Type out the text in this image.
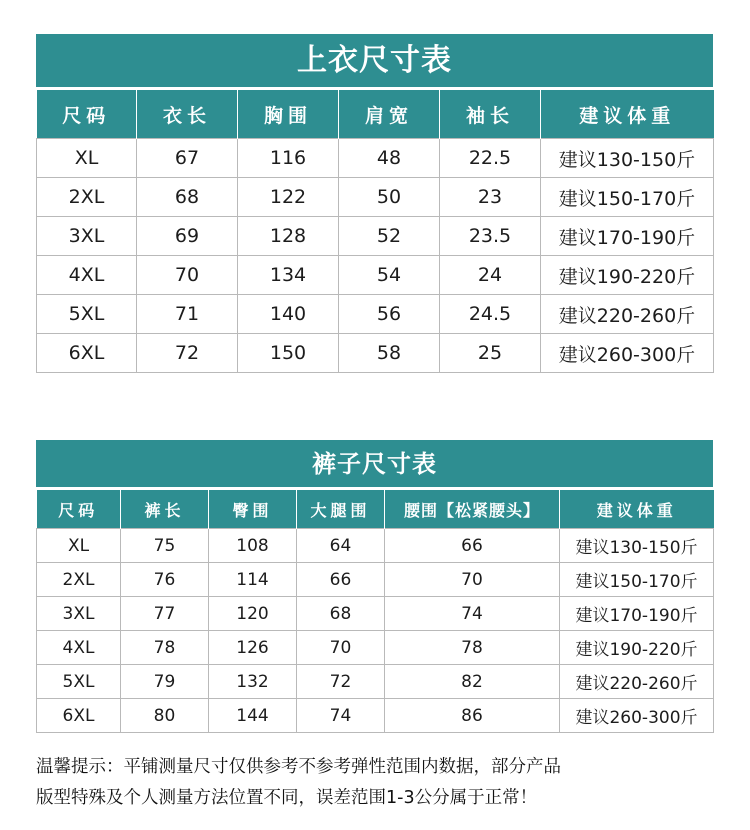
上衣尺寸表
尺码	衣长	胸围	肩宽	袖长	建议体重
XL	67	116	48	22.5	建议130-150斤
2XL	68	122	50	23	建议150-170斤
3XL	69	128	52	23.5	建议170-190斤
4XL	70	134	54	24	建议190-220斤
5XL	71	140	56	24.5	建议220-260斤
6XL	72	150	58	25	建议260-300斤
裤子尺寸表
尺码	裤长	臀围	大腿围	腰围【松紧腰头】	建议体重
XL	75	108	64	66	建议130-150斤
2XL	76	114	66	70	建议150-170斤
3XL	77	120	68	74	建议170-190斤
4XL	78	126	70	78	建议190-220斤
5XL	79	132	72	82	建议220-260斤
6XL	80	144	74	86	建议260-300斤
温馨提示：平铺测量尺寸仅供参考不参考弹性范围内数据，部分产品
版型特殊及个人测量方法位置不同，误差范围1-3公分属于正常！
